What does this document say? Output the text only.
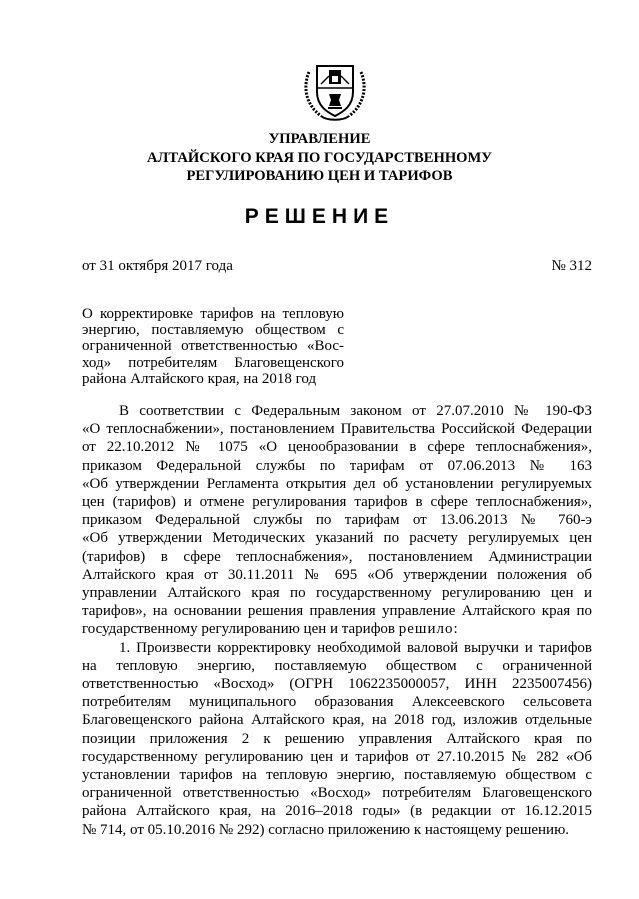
УПРАВЛЕНИЕ
АЛТАЙСКОГО КРАЯ ПО ГОСУДАРСТВЕННОМУ
РЕГУЛИРОВАНИЮ ЦЕН И ТАРИФОВ
РЕШЕНИЕ
от 31 октября 2017 года	№ 312
О корректировке тарифов на тепловую
энергию, поставляемую обществом с
ограниченной ответственностью «Вос-
ход» потребителям Благовещенского
района Алтайского края, на 2018 год
В соответствии с Федеральным законом от 27.07.2010 № 190-ФЗ
«О теплоснабжении», постановлением Правительства Российской Федерации
от 22.10.2012 № 1075 «О ценообразовании в сфере теплоснабжения»,
приказом Федеральной службы по тарифам от 07.06.2013 № 163
«Об утверждении Регламента открытия дел об установлении регулируемых
цен (тарифов) и отмене регулирования тарифов в сфере теплоснабжения»,
приказом Федеральной службы по тарифам от 13.06.2013 № 760-э
«Об утверждении Методических указаний по расчету регулируемых цен
(тарифов) в сфере теплоснабжения», постановлением Администрации
Алтайского края от 30.11.2011 № 695 «Об утверждении положения об
управлении Алтайского края по государственному регулированию цен и
тарифов», на основании решения правления управление Алтайского края по
государственному регулированию цен и тарифов решило:
1. Произвести корректировку необходимой валовой выручки и тарифов
на тепловую энергию, поставляемую обществом с ограниченной
ответственностью «Восход» (ОГРН 1062235000057, ИНН 2235007456)
потребителям муниципального образования Алексеевского сельсовета
Благовещенского района Алтайского края, на 2018 год, изложив отдельные
позиции приложения 2 к решению управления Алтайского края по
государственному регулированию цен и тарифов от 27.10.2015 № 282 «Об
установлении тарифов на тепловую энергию, поставляемую обществом с
ограниченной ответственностью «Восход» потребителям Благовещенского
района Алтайского края, на 2016–2018 годы» (в редакции от 16.12.2015
№ 714, от 05.10.2016 № 292) согласно приложению к настоящему решению.
